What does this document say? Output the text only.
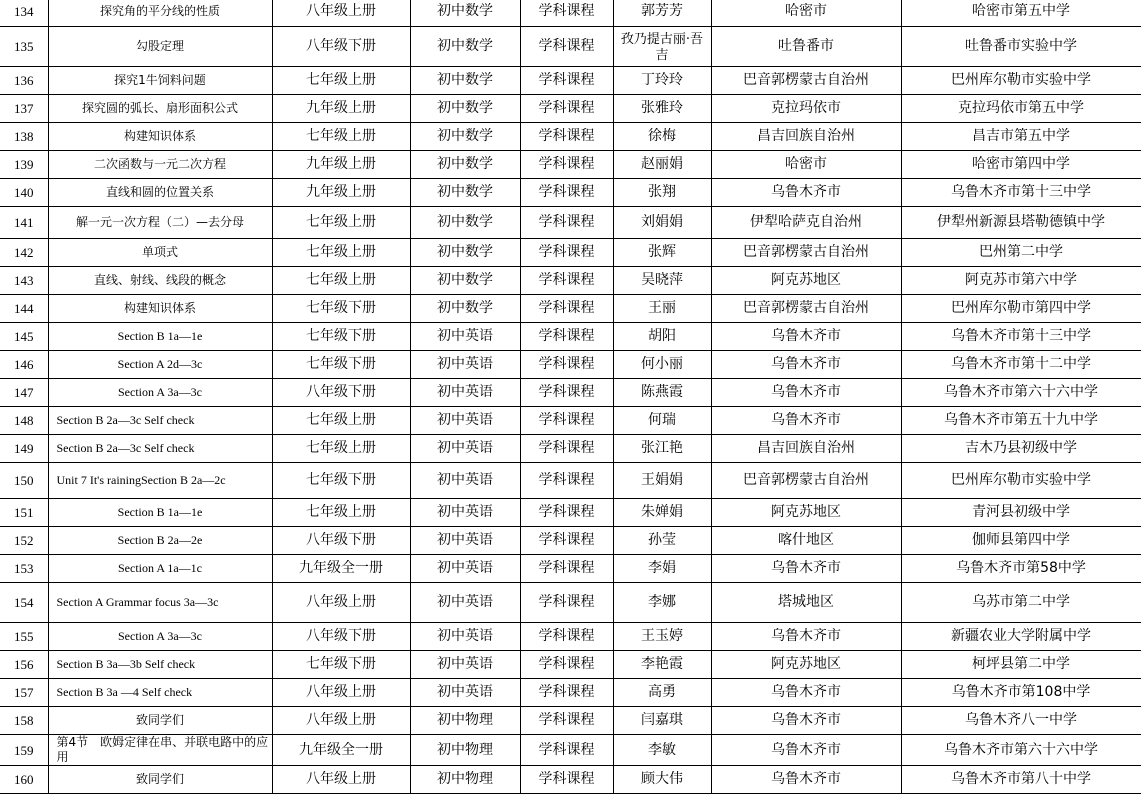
134	探究角的平分线的性质	八年级上册	初中数学	学科课程	郭芳芳	哈密市	哈密市第五中学

135	勾股定理	八年级下册	初中数学	学科课程	孜乃提古丽·吾吉	吐鲁番市	吐鲁番市实验中学

136	探究1牛饲料问题	七年级上册	初中数学	学科课程	丁玲玲	巴音郭楞蒙古自治州	巴州库尔勒市实验中学

137	探究圆的弧长、扇形面积公式	九年级上册	初中数学	学科课程	张雅玲	克拉玛依市	克拉玛依市第五中学

138	构建知识体系	七年级上册	初中数学	学科课程	徐梅	昌吉回族自治州	昌吉市第五中学

139	二次函数与一元二次方程	九年级上册	初中数学	学科课程	赵丽娟	哈密市	哈密市第四中学

140	直线和圆的位置关系	九年级上册	初中数学	学科课程	张翔	乌鲁木齐市	乌鲁木齐市第十三中学

141	解一元一次方程（二）—去分母	七年级上册	初中数学	学科课程	刘娟娟	伊犁哈萨克自治州	伊犁州新源县塔勒德镇中学

142	单项式	七年级上册	初中数学	学科课程	张辉	巴音郭楞蒙古自治州	巴州第二中学

143	直线、射线、线段的概念	七年级上册	初中数学	学科课程	吴晓萍	阿克苏地区	阿克苏市第六中学

144	构建知识体系	七年级下册	初中数学	学科课程	王丽	巴音郭楞蒙古自治州	巴州库尔勒市第四中学

145	Section B 1a—1e	七年级下册	初中英语	学科课程	胡阳	乌鲁木齐市	乌鲁木齐市第十三中学

146	Section A 2d—3c	七年级下册	初中英语	学科课程	何小丽	乌鲁木齐市	乌鲁木齐市第十二中学

147	Section A 3a—3c	八年级下册	初中英语	学科课程	陈燕霞	乌鲁木齐市	乌鲁木齐市第六十六中学

148	Section B 2a—3c Self check	七年级上册	初中英语	学科课程	何瑞	乌鲁木齐市	乌鲁木齐市第五十九中学

149	Section B 2a—3c Self check	七年级上册	初中英语	学科课程	张江艳	昌吉回族自治州	吉木乃县初级中学

150	Unit 7 It's rainingSection B 2a—2c	七年级下册	初中英语	学科课程	王娟娟	巴音郭楞蒙古自治州	巴州库尔勒市实验中学

151	Section B 1a—1e	七年级上册	初中英语	学科课程	朱婵娟	阿克苏地区	青河县初级中学

152	Section B 2a—2e	八年级下册	初中英语	学科课程	孙莹	喀什地区	伽师县第四中学

153	Section A 1a—1c	九年级全一册	初中英语	学科课程	李娟	乌鲁木齐市	乌鲁木齐市第58中学

154	Section A Grammar focus 3a—3c	八年级上册	初中英语	学科课程	李娜	塔城地区	乌苏市第二中学

155	Section A 3a—3c	八年级下册	初中英语	学科课程	王玉婷	乌鲁木齐市	新疆农业大学附属中学

156	Section B 3a—3b Self check	七年级下册	初中英语	学科课程	李艳霞	阿克苏地区	柯坪县第二中学

157	Section B 3a —4 Self check	八年级上册	初中英语	学科课程	高勇	乌鲁木齐市	乌鲁木齐市第108中学

158	致同学们	八年级上册	初中物理	学科课程	闫嘉琪	乌鲁木齐市	乌鲁木齐八一中学

159	第4节　欧姆定律在串、并联电路中的应用	九年级全一册	初中物理	学科课程	李敏	乌鲁木齐市	乌鲁木齐市第六十六中学

160	致同学们	八年级上册	初中物理	学科课程	顾大伟	乌鲁木齐市	乌鲁木齐市第八十中学
